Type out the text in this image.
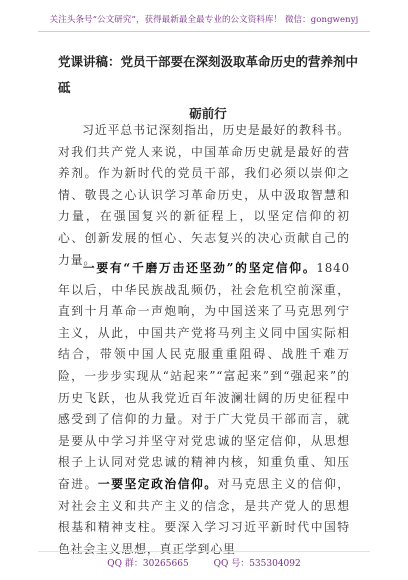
关注头条号“公文研究”，获得最新最全最专业的公文资料库！ 微信：gongwenyj
党课讲稿：党员干部要在深刻汲取革命历史的营养剂中砥
砺前行
习近平总书记深刻指出，历史是最好的教科书。对我们共产党人来说，中国革命历史就是最好的营养剂。作为新时代的党员干部，我们必须以崇仰之情、敬畏之心认识学习革命历史，从中汲取智慧和力量，在强国复兴的新征程上，以坚定信仰的初心、创新发展的恒心、矢志复兴的决心贡献自己的力量。
一要有“千磨万击还坚劲”的坚定信仰。1840 年以后，中华民族战乱频仍，社会危机空前深重，直到十月革命一声炮响，为中国送来了马克思列宁主义，从此，中国共产党将马列主义同中国实际相结合，带领中国人民克服重重阻碍、战胜千难万险，一步步实现从“站起来”“富起来”到“强起来”的历史飞跃，也从我党近百年波澜壮阔的历史征程中感受到了信仰的力量。对于广大党员干部而言，就是要从中学习并坚守对党忠诚的坚定信仰，从思想根子上认同对党忠诚的精神内核，知重负重、知压奋进。一要坚定政治信仰。对马克思主义的信仰，对社会主义和共产主义的信念，是共产党人的思想根基和精神支柱。要深入学习习近平新时代中国特色社会主义思想，真正学到心里
QQ 群：30265665	QQ 号：535304092
